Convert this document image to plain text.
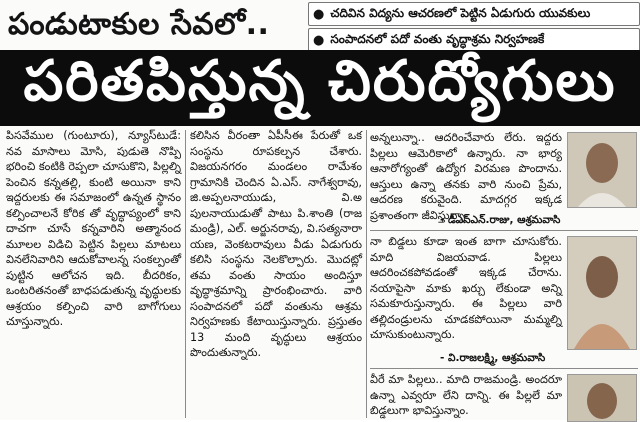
పండుటాకుల సేవలో..	● చదివిన విద్యను ఆచరణలో పెట్టిన ఏడుగురు యువకులు
● సంపాదనలో పదో వంతు వృద్ధాశ్రమ నిర్వహణకే
పరితపిస్తున్న చిరుద్యోగులు
పిసవేముల (గుంటూరు), న్యూస్‌టుడే: నవ మాసాలు మోసి, పుడుతె నొప్పి భరించి కంటికి రెప్పలా చూసుకొని, పిల్లల్ని పెంచిన కన్నతల్లి, కుంటి అయినా కాని ఇద్దరులకు ఈ సమాజంలో ఉన్నత స్థానం కల్పించాలనే కోరిక తో వృద్ధాప్యంలో కాని దాచగా చూసే కన్నవారిని అత్మానంద మూలల విడిచి పెట్టిన పిల్లలు మాటలు వినలేనివారిని ఆదుకోవాలన్న సంకల్పంతో పుట్టిన ఆలోచన ఇది. బీదరికం, ఒంటరితనంతో బాధపడుతున్న వృద్ధులకు ఆశ్రయం కల్పించి వారి బాగోగులు చూస్తున్నారు.
కలిసిన వీరంతా ఏపీసీఈ పేరుతో ఒక సంస్థను రూపకల్పన చేశారు. విజయనగరం మండలం రామేశం గ్రామానికి చెందిన ఏ.ఎస్. నాగేశ్వరావు, జి.అప్పలనాయుడు, వి.అ పులనాయుడుతో పాటు పి.శాంతి (రాజ మండ్రి), ఎల్. అర్జునరావు, వి.సత్యనారా యణ, వెంకటరావులు వీడు ఏడుగురు కలిసి సంస్థను నెలకొల్పారు. మొదట్లో తమ వంతు సాయం అందిస్తూ వృద్ధాశ్రమాన్ని ప్రారంభించారు. వారి సంపాదనలో పదో వంతును ఆశ్రమ నిర్వహణకు కేటాయిస్తున్నారు. ప్రస్తుతం 13 మంది వృద్ధులు ఆశ్రయం పొందుతున్నారు.
అన్నలున్నా.. ఆదరించేవారు లేరు. ఇద్దరు పిల్లలు ఆమెరికాలో ఉన్నారు. నా భార్య ఆనారోగ్యంతో ఉద్యోగ విరమణ పొందాను. ఆస్తులు ఉన్నా తనకు వారి నుంచి ప్రేమ, ఆదరణ కరువైంది. మాదగ్గర ఇక్కడ ప్రశాంతంగా జీవిస్తున్నా.
- డీఎస్‌ఎన్.రాజు, ఆశ్రమవాసి
నా బిడ్డలు కూడా ఇంత బాగా చూసుకోరు. మాది విజయవాడ. పిల్లలు ఆదరించకపోవడంతో ఇక్కడ చేరాను. నయాపైసా మాకు ఖర్చు లేకుండా అన్ని సమకూరుస్తున్నారు. ఈ పిల్లలు వారి తల్లిదండ్రులను చూడకపోయినా మమ్మల్ని చూసుకుంటున్నారు.
- వి.రాజలక్ష్మి, ఆశ్రమవాసి
వీరే మా పిల్లలు.. మాది రాజమండ్రి. అందరూ ఉన్నా ఎవ్వరూ లేని దాన్ని. ఈ పిల్లలే మా బిడ్డలుగా భావిస్తున్నాం.
